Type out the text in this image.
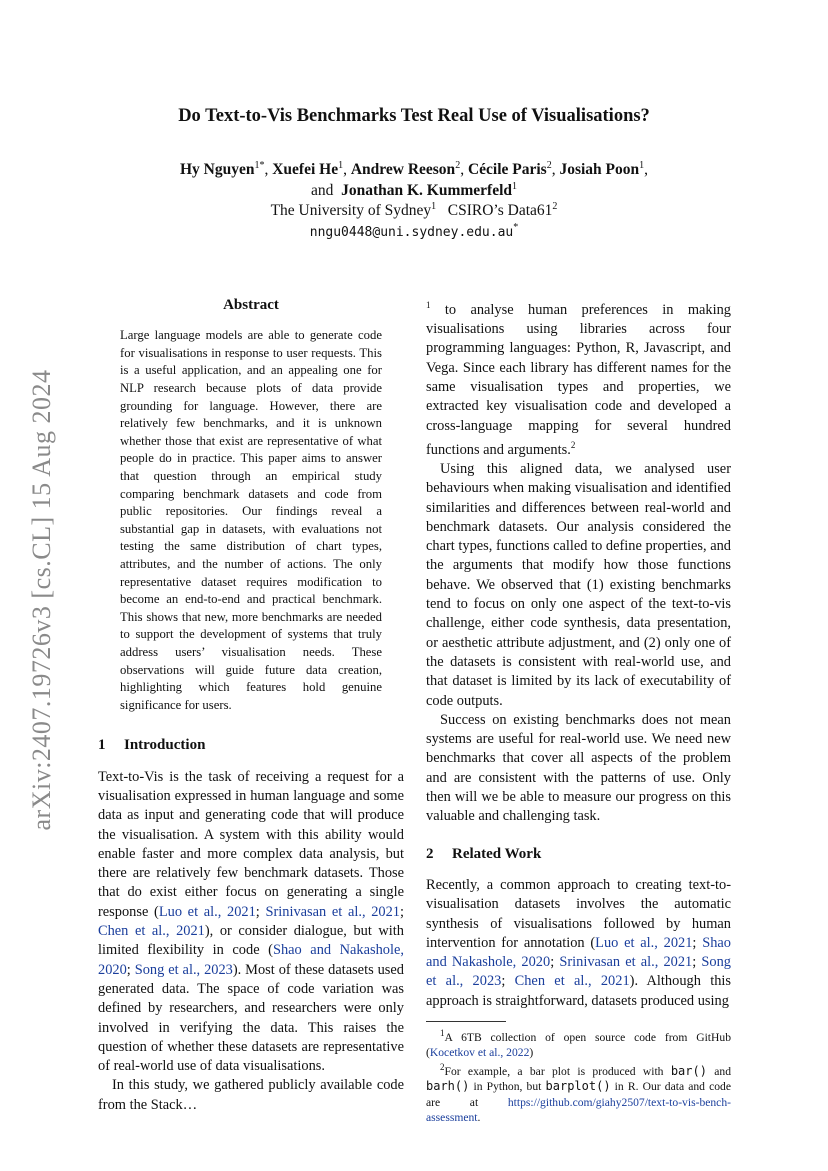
arXiv:2407.19726v3 [cs.CL] 15 Aug 2024
Do Text-to-Vis Benchmarks Test Real Use of Visualisations?
Hy Nguyen$^{1*}$, Xuefei He$^1$, Andrew Reeson$^2$, Cécile Paris$^2$, Josiah Poon$^1$,
and Jonathan K. Kummerfeld$^1$
The University of Sydney$^1$ CSIRO’s $Data61^2$
nngu0448@uni.sydney.edu.au*
Abstract

Large language models are able to generate code for visualisations in response to user requests. This is a useful application, and an appealing one for NLP research because plots of data provide grounding for language. However, there are relatively few benchmarks, and it is unknown whether those that exist are representative of what people do in practice. This paper aims to answer that question through an empirical study comparing benchmark datasets and code from public repositories. Our findings reveal a substantial gap in datasets, with evaluations not testing the same distribution of chart types, attributes, and the number of actions. The only representative dataset requires modification to become an end-to-end and practical benchmark. This shows that new, more benchmarks are needed to support the development of systems that truly address users’ visualisation needs. These observations will guide future data creation, highlighting which features hold genuine significance for users.

1 Introduction

Text-to-Vis is the task of receiving a request for a visualisation expressed in human language and some data as input and generating code that will produce the visualisation. A system with this ability would enable faster and more complex data analysis, but there are relatively few benchmark datasets. Those that do exist either focus on generating a single response (Luo et al., 2021; Srinivasan et al., 2021; Chen et al., 2021), or consider dialogue, but with limited flexibility in code (Shao and Nakashole, 2020; Song et al., 2023). Most of these datasets used generated data. The space of code variation was defined by researchers, and researchers were only involved in verifying the data. This raises the question of whether these datasets are representative of real-world use of data visualisations.

In this study, we gathered publicly available code from the Stack…

$^1$ to analyse human preferences in making visualisations using libraries across four programming languages: Python, R, Javascript, and Vega. Since each library has different names for the same visualisation types and properties, we extracted key visualisation code and developed a cross-language mapping for several hundred functions and arguments.$^2$

Using this aligned data, we analysed user behaviours when making visualisation and identified similarities and differences between real-world and benchmark datasets. Our analysis considered the chart types, functions called to define properties, and the arguments that modify how those functions behave. We observed that (1) existing benchmarks tend to focus on only one aspect of the text-to-vis challenge, either code synthesis, data presentation, or aesthetic attribute adjustment, and (2) only one of the datasets is consistent with real-world use, and that dataset is limited by its lack of executability of code outputs.

Success on existing benchmarks does not mean systems are useful for real-world use. We need new benchmarks that cover all aspects of the problem and are consistent with the patterns of use. Only then will we be able to measure our progress on this valuable and challenging task.

2 Related Work

Recently, a common approach to creating text-to-visualisation datasets involves the automatic synthesis of visualisations followed by human intervention for annotation (Luo et al., 2021; Shao and Nakashole, 2020; Srinivasan et al., 2021; Song et al., 2023; Chen et al., 2021). Although this approach is straightforward, datasets produced using

$^1$A 6TB collection of open source code from GitHub (Kocetkov et al., 2022)

$^2$For example, a bar plot is produced with bar() and barh() in Python, but barplot() in R. Our data and code are at https://github.com/giahy2507/text-to-vis-bench-assessment.
